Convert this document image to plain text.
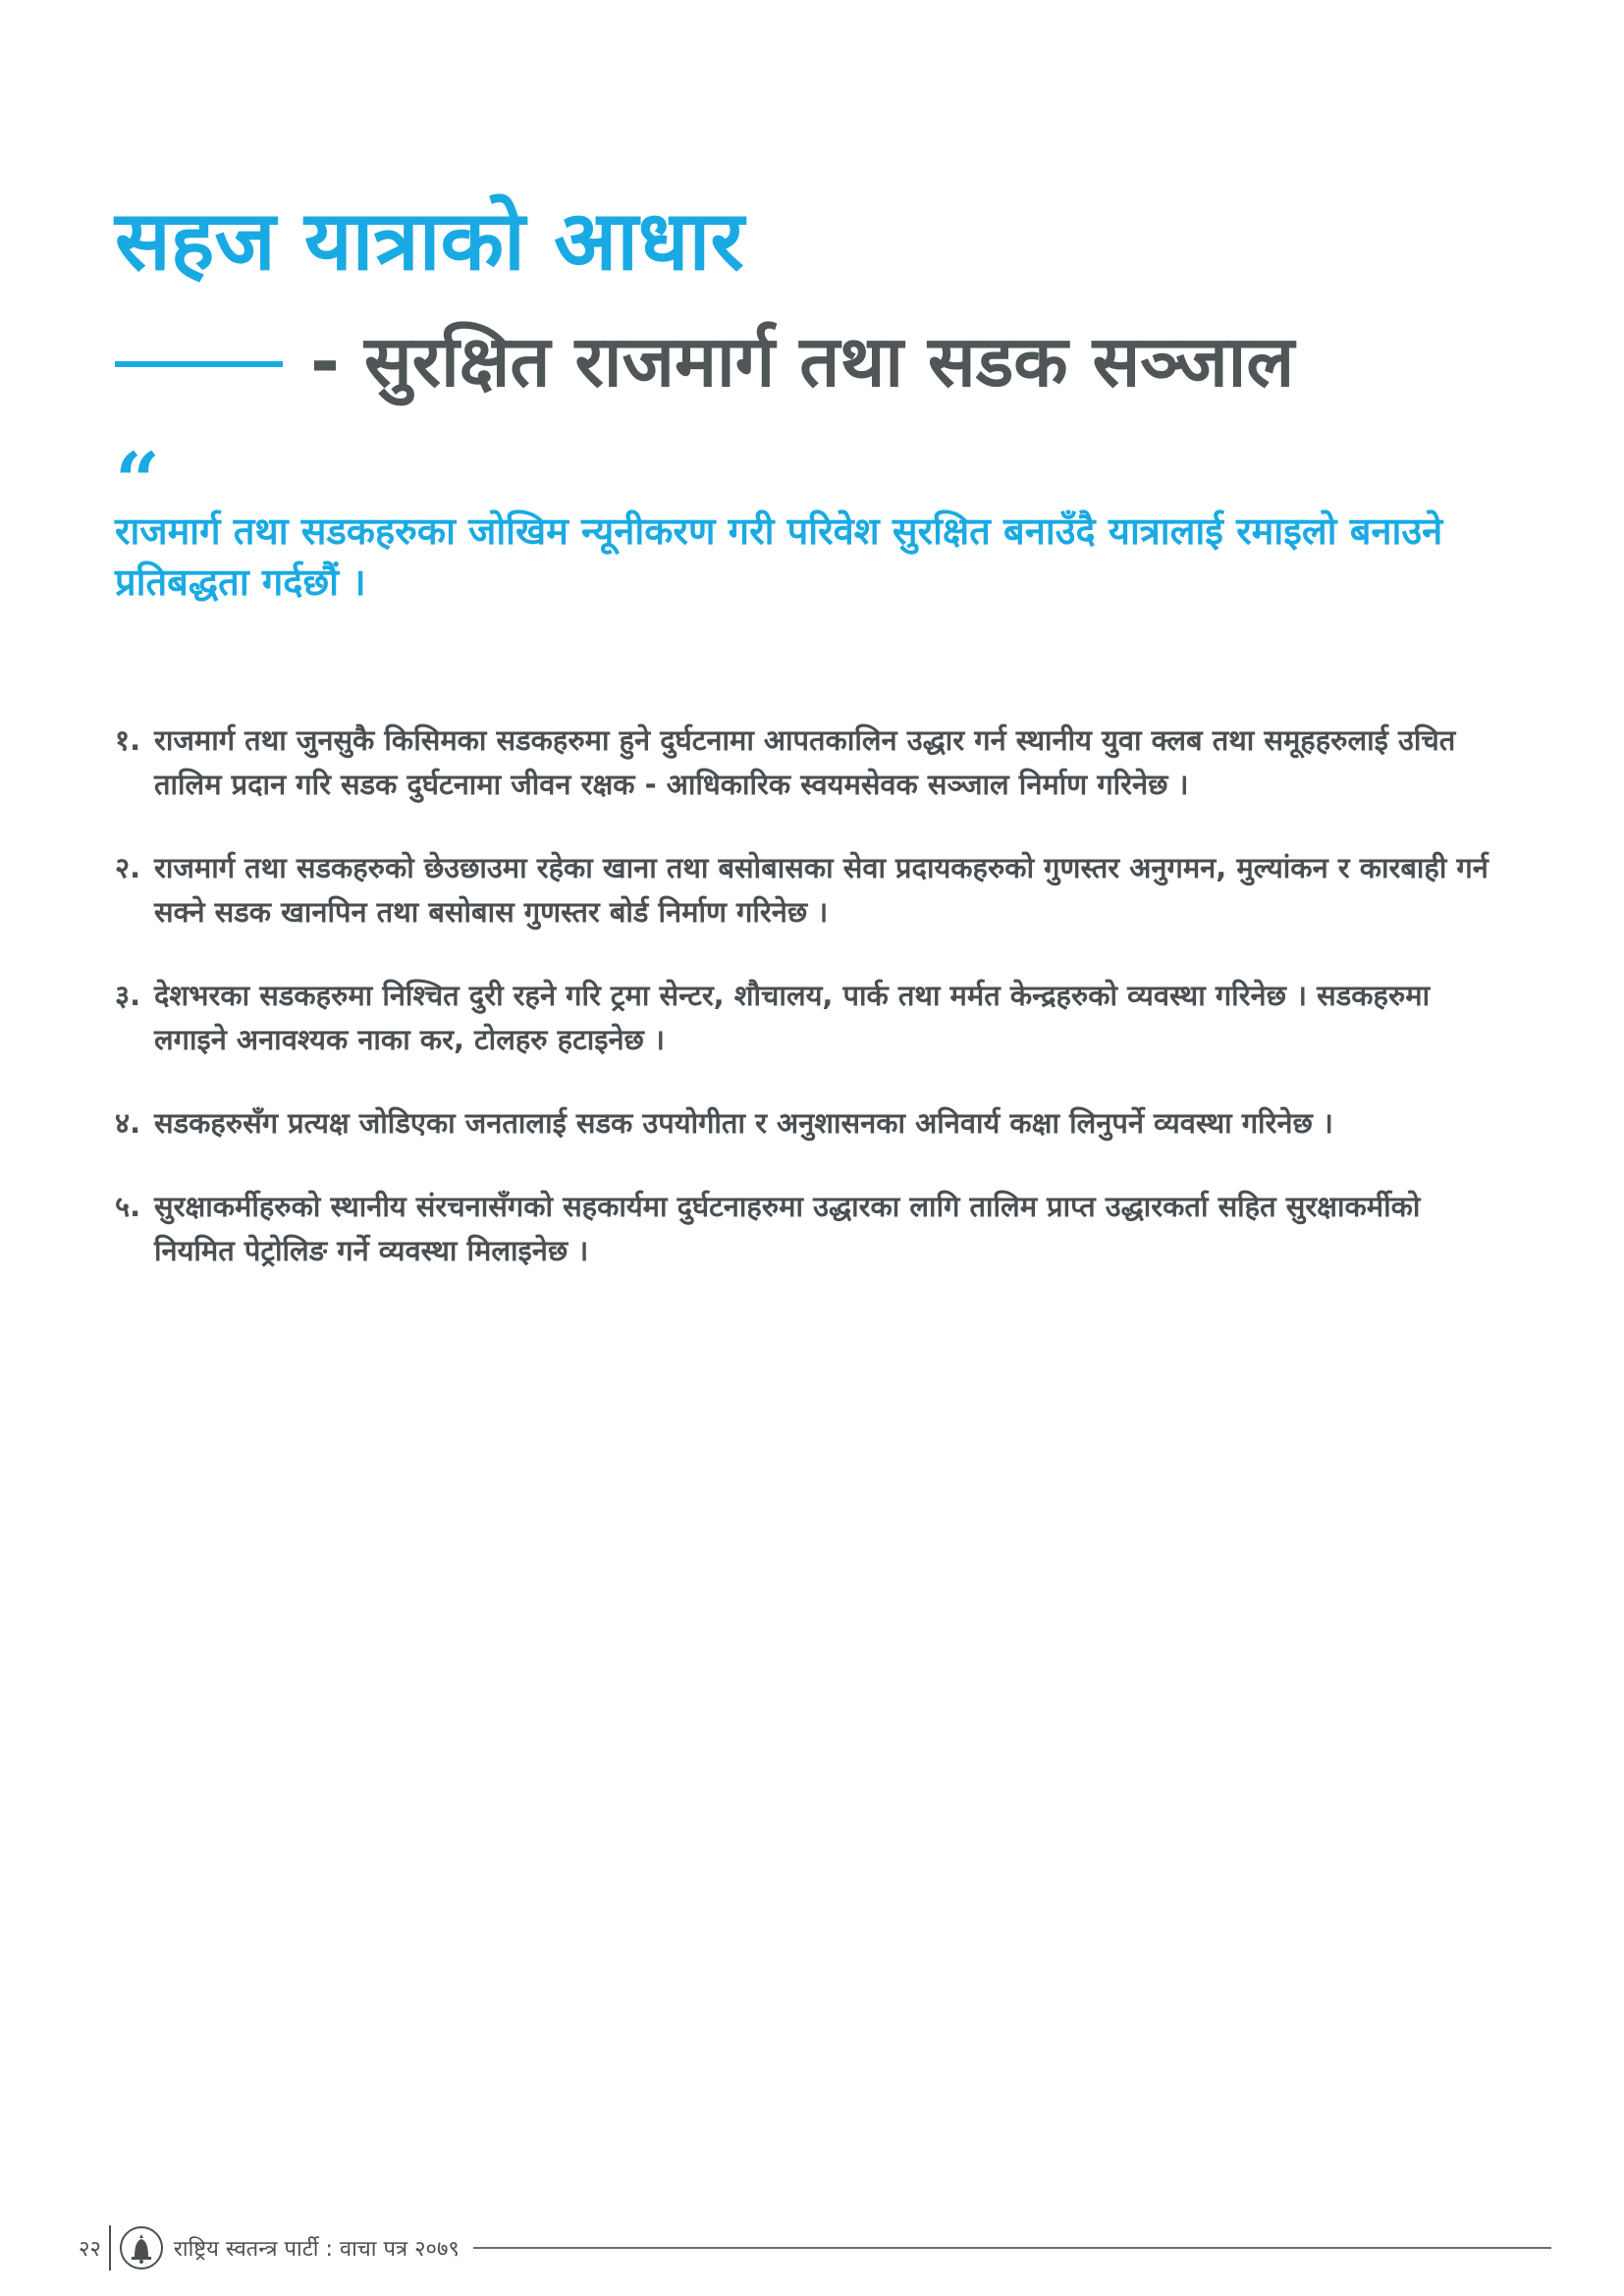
सहज यात्राको आधार
- सुरक्षित राजमार्ग तथा सडक सञ्जाल
“
राजमार्ग तथा सडकहरुका जोखिम न्यूनीकरण गरी परिवेश सुरक्षित बनाउँदै यात्रालाई रमाइलो बनाउने प्रतिबद्धता गर्दछौं ।
१. राजमार्ग तथा जुनसुकै किसिमका सडकहरुमा हुने दुर्घटनामा आपतकालिन उद्धार गर्न स्थानीय युवा क्लब तथा समूहहरुलाई उचित तालिम प्रदान गरि सडक दुर्घटनामा जीवन रक्षक - आधिकारिक स्वयमसेवक सञ्जाल निर्माण गरिनेछ ।
२. राजमार्ग तथा सडकहरुको छेउछाउमा रहेका खाना तथा बसोबासका सेवा प्रदायकहरुको गुणस्तर अनुगमन, मुल्यांकन र कारबाही गर्न सक्ने सडक खानपिन तथा बसोबास गुणस्तर बोर्ड निर्माण गरिनेछ ।
३. देशभरका सडकहरुमा निश्चित दुरी रहने गरि ट्रमा सेन्टर, शौचालय, पार्क तथा मर्मत केन्द्रहरुको व्यवस्था गरिनेछ । सडकहरुमा लगाइने अनावश्यक नाका कर, टोलहरु हटाइनेछ ।
४. सडकहरुसँग प्रत्यक्ष जोडिएका जनतालाई सडक उपयोगीता र अनुशासनका अनिवार्य कक्षा लिनुपर्ने व्यवस्था गरिनेछ ।
५. सुरक्षाकर्मीहरुको स्थानीय संरचनासँगको सहकार्यमा दुर्घटनाहरुमा उद्धारका लागि तालिम प्राप्त उद्धारकर्ता सहित सुरक्षाकर्मीको नियमित पेट्रोलिङ गर्ने व्यवस्था मिलाइनेछ ।
२२	राष्ट्रिय स्वतन्त्र पार्टी : वाचा पत्र २०७९
